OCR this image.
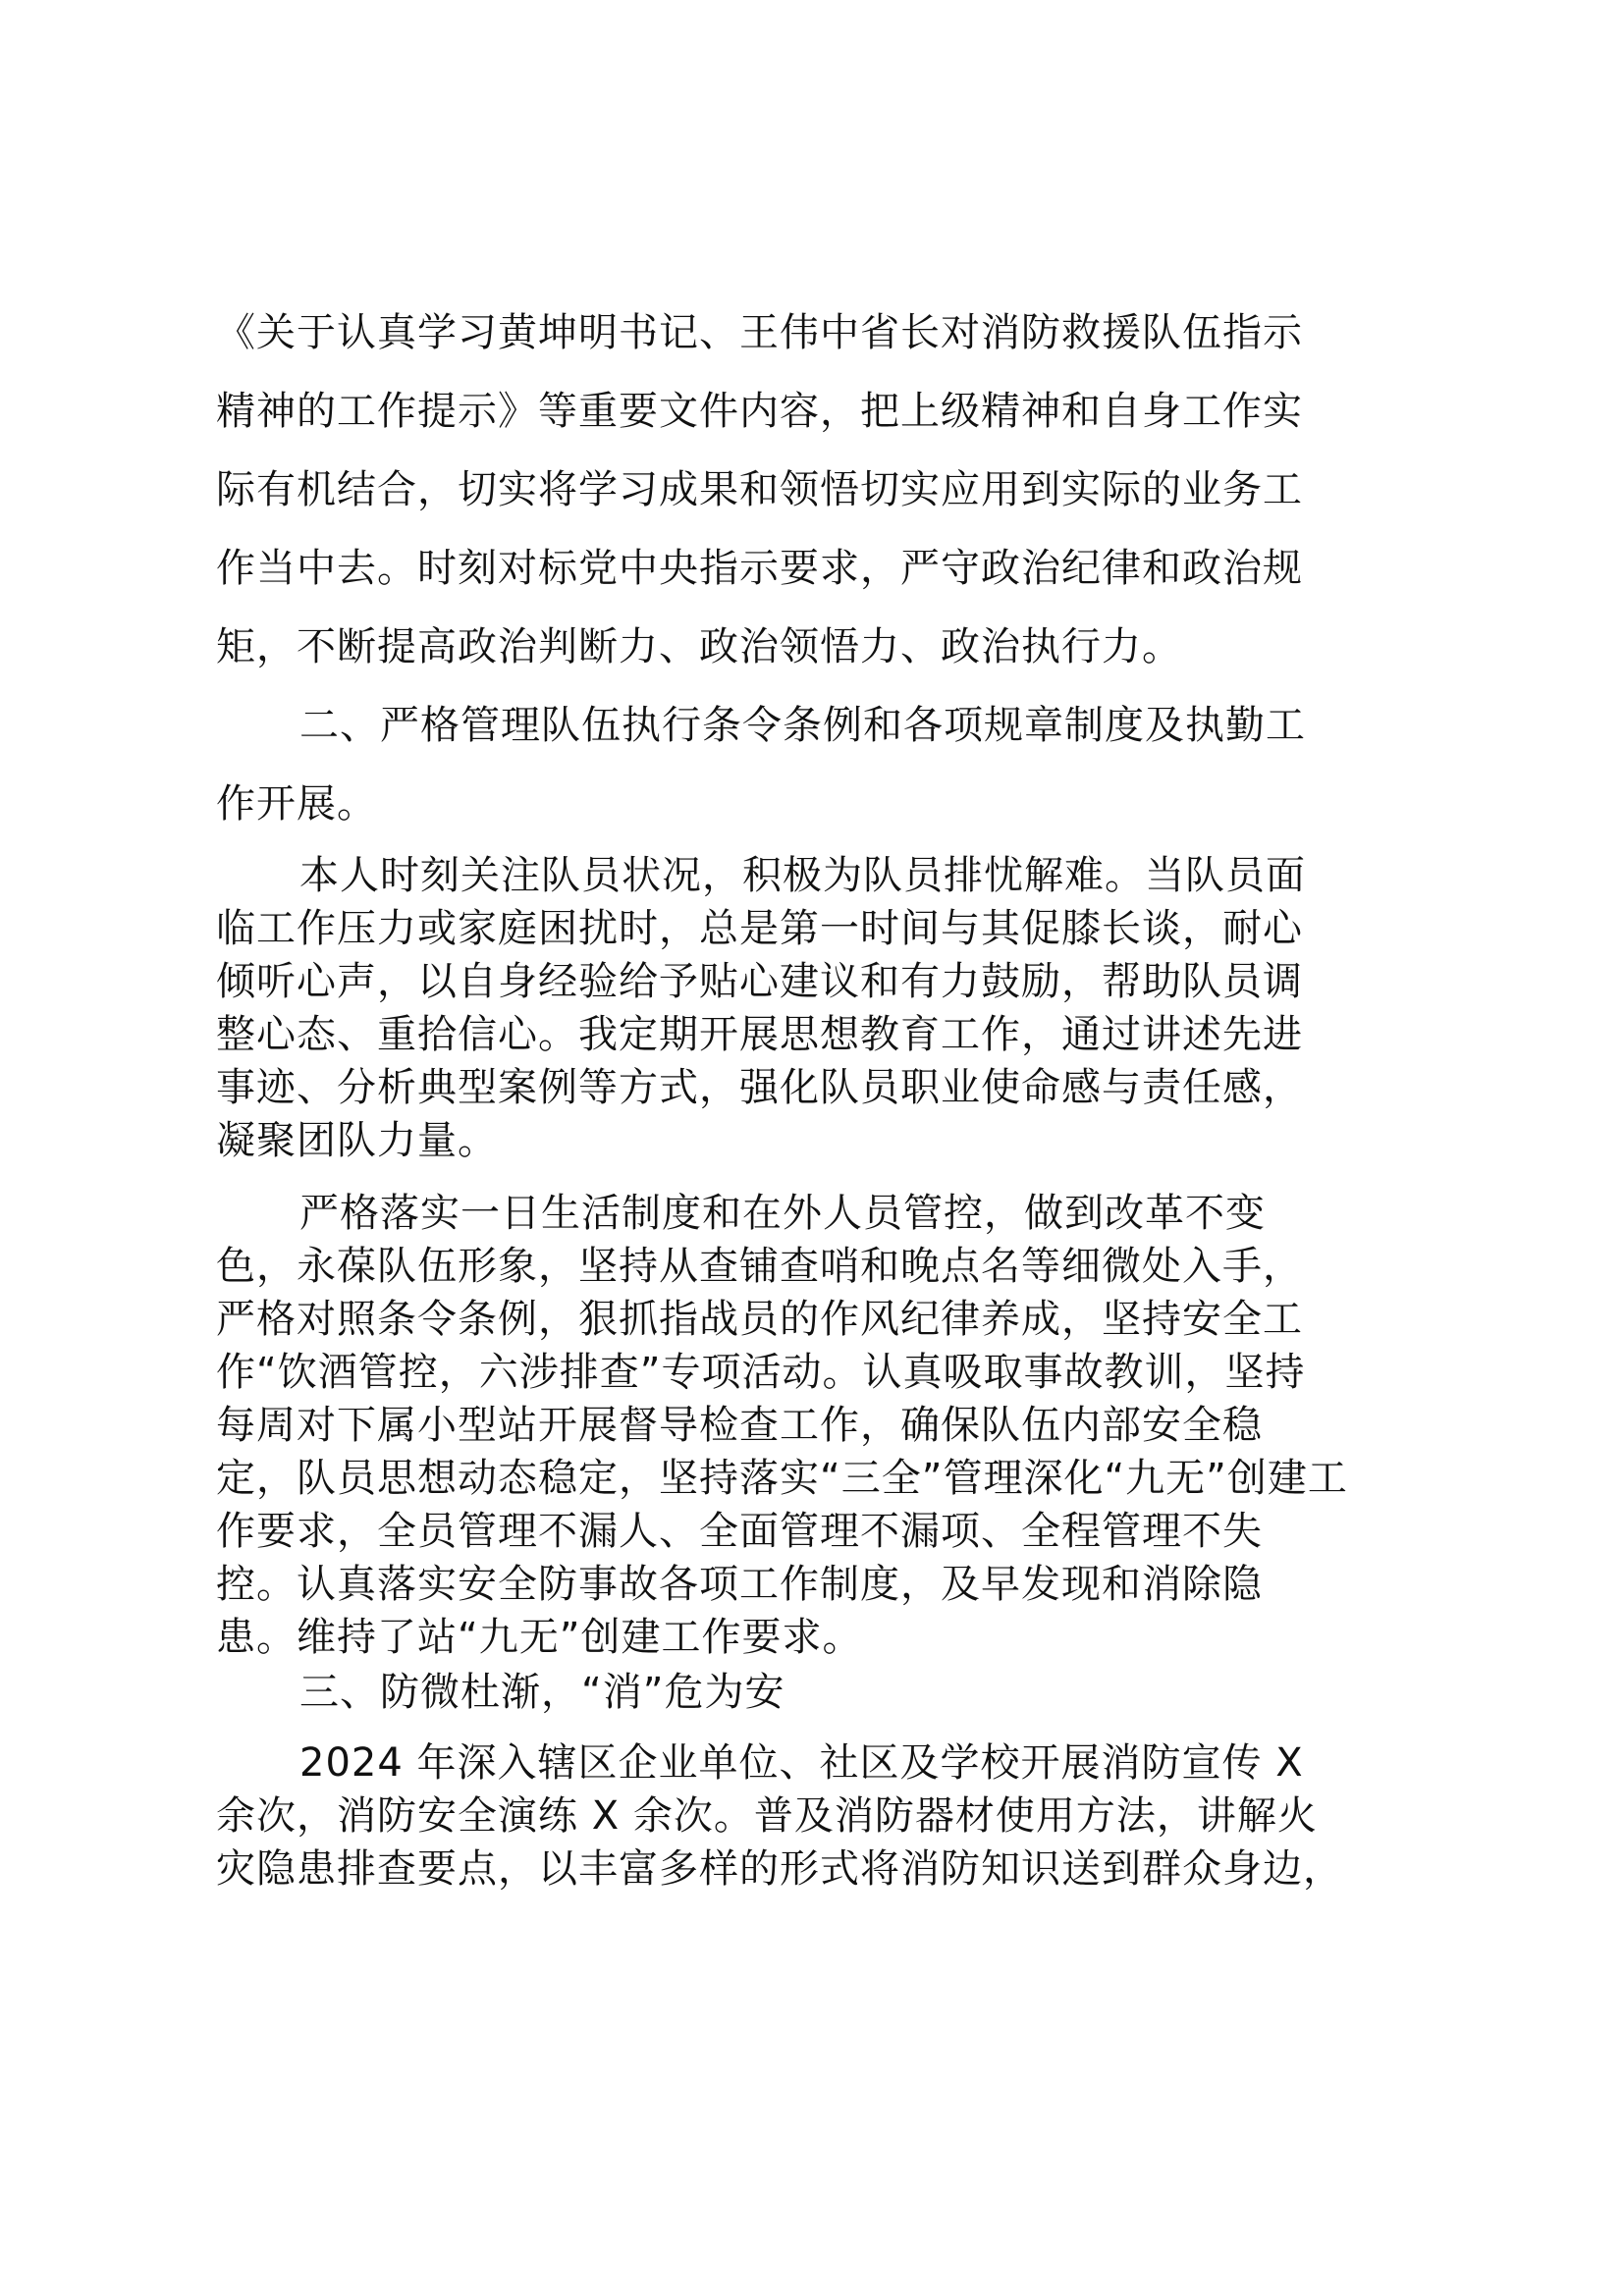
《关于认真学习黄坤明书记、王伟中省长对消防救援队伍指示
精神的工作提示》等重要文件内容，把上级精神和自身工作实
际有机结合，切实将学习成果和领悟切实应用到实际的业务工
作当中去。时刻对标党中央指示要求，严守政治纪律和政治规
矩，不断提高政治判断力、政治领悟力、政治执行力。
二、严格管理队伍执行条令条例和各项规章制度及执勤工
作开展。
本人时刻关注队员状况，积极为队员排忧解难。当队员面
临工作压力或家庭困扰时，总是第一时间与其促膝长谈，耐心
倾听心声，以自身经验给予贴心建议和有力鼓励，帮助队员调
整心态、重拾信心。我定期开展思想教育工作，通过讲述先进
事迹、分析典型案例等方式，强化队员职业使命感与责任感，
凝聚团队力量。
严格落实一日生活制度和在外人员管控，做到改革不变
色，永葆队伍形象，坚持从查铺查哨和晚点名等细微处入手，
严格对照条令条例，狠抓指战员的作风纪律养成，坚持安全工
作“饮酒管控，六涉排查”专项活动。认真吸取事故教训，坚持
每周对下属小型站开展督导检查工作，确保队伍内部安全稳
定，队员思想动态稳定，坚持落实“三全”管理深化“九无”创建工
作要求，全员管理不漏人、全面管理不漏项、全程管理不失
控。认真落实安全防事故各项工作制度，及早发现和消除隐
患。维持了站“九无”创建工作要求。
三、防微杜渐，“消”危为安
2024 年深入辖区企业单位、社区及学校开展消防宣传 X
余次，消防安全演练 X 余次。普及消防器材使用方法，讲解火
灾隐患排查要点，以丰富多样的形式将消防知识送到群众身边，
